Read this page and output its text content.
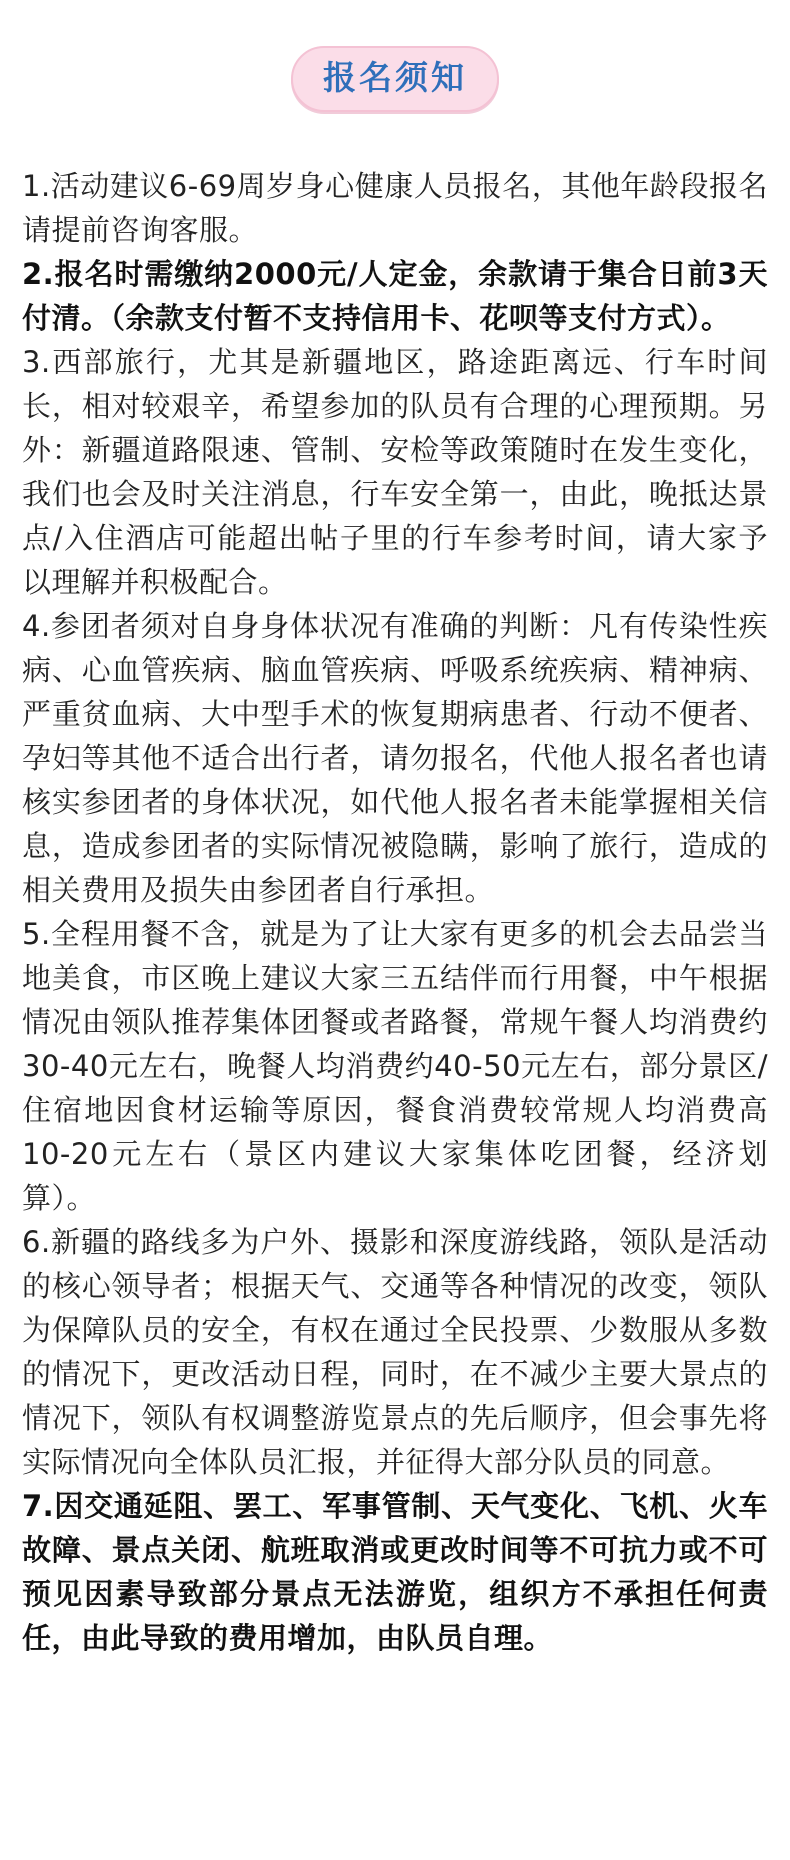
报名须知

1.活动建议6-69周岁身心健康人员报名，其他年龄段报名请提前咨询客服。

2.报名时需缴纳2000元/人定金，余款请于集合日前3天付清。（余款支付暂不支持信用卡、花呗等支付方式）。

3.西部旅行，尤其是新疆地区，路途距离远、行车时间长，相对较艰辛，希望参加的队员有合理的心理预期。另外：新疆道路限速、管制、安检等政策随时在发生变化，我们也会及时关注消息，行车安全第一，由此，晚抵达景点/入住酒店可能超出帖子里的行车参考时间，请大家予以理解并积极配合。

4.参团者须对自身身体状况有准确的判断：凡有传染性疾病、心血管疾病、脑血管疾病、呼吸系统疾病、精神病、严重贫血病、大中型手术的恢复期病患者、行动不便者、孕妇等其他不适合出行者，请勿报名，代他人报名者也请核实参团者的身体状况，如代他人报名者未能掌握相关信息，造成参团者的实际情况被隐瞒，影响了旅行，造成的相关费用及损失由参团者自行承担。

5.全程用餐不含，就是为了让大家有更多的机会去品尝当地美食，市区晚上建议大家三五结伴而行用餐，中午根据情况由领队推荐集体团餐或者路餐，常规午餐人均消费约30-40元左右，晚餐人均消费约40-50元左右，部分景区/住宿地因食材运输等原因，餐食消费较常规人均消费高10-20元左右（景区内建议大家集体吃团餐，经济划算）。

6.新疆的路线多为户外、摄影和深度游线路，领队是活动的核心领导者；根据天气、交通等各种情况的改变，领队为保障队员的安全，有权在通过全民投票、少数服从多数的情况下，更改活动日程，同时，在不减少主要大景点的情况下，领队有权调整游览景点的先后顺序，但会事先将实际情况向全体队员汇报，并征得大部分队员的同意。

7.因交通延阻、罢工、军事管制、天气变化、飞机、火车故障、景点关闭、航班取消或更改时间等不可抗力或不可预见因素导致部分景点无法游览，组织方不承担任何责任，由此导致的费用增加，由队员自理。
